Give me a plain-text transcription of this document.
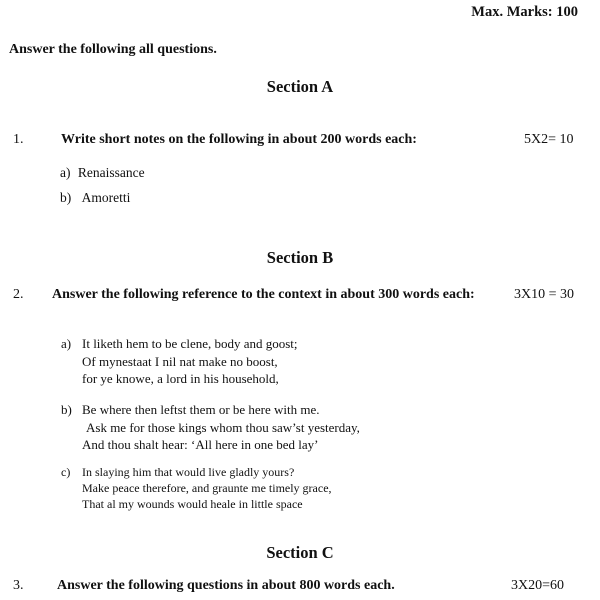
Max. Marks: 100
Answer the following all questions.
Section A
1.	Write short notes on the following in about 200 words each:	5X2= 10
a) Renaissance
b) Amoretti
Section B
2. Answer the following reference to the context in about 300 words each:	3X10 = 30
a) It liketh hem to be clene, body and goost;
Of mynestaat I nil nat make no boost,
for ye knowe, a lord in his household,
b) Be where then leftst them or be here with me.
Ask me for those kings whom thou saw’st yesterday,
And thou shalt hear: ‘All here in one bed lay’
c) In slaying him that would live gladly yours?
Make peace therefore, and graunte me timely grace,
That al my wounds would heale in little space
Section C
3. Answer the following questions in about 800 words each.	3X20=60
